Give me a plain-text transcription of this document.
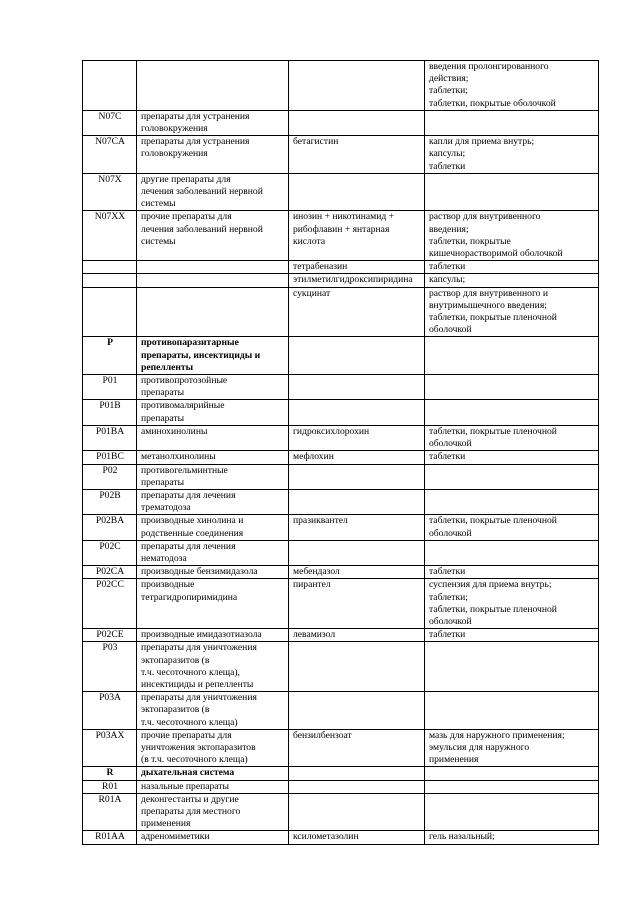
			введения пролонгированного
действия;
таблетки;
таблетки, покрытые оболочкой

N07C	препараты для устранения
головокружения		

N07CA	препараты для устранения
головокружения	бетагистин	капли для приема внутрь;
капсулы;
таблетки

N07X	другие препараты для
лечения заболеваний нервной
системы		

N07XX	прочие препараты для
лечения заболеваний нервной
системы	инозин + никотинамид +
рибофлавин + янтарная
кислота	раствор для внутривенного
введения;
таблетки, покрытые
кишечнорастворимой оболочкой

		тетрабеназин	таблетки

		этилметилгидроксипиридина	капсулы;

		сукцинат	раствор для внутривенного и
внутримышечного введения;
таблетки, покрытые пленочной
оболочкой

P	противопаразитарные
препараты, инсектициды и
репелленты		

P01	противопротозойные
препараты		

P01B	противомалярийные
препараты		

P01BA	аминохинолины	гидроксихлорохин	таблетки, покрытые пленочной
оболочкой

P01BC	метанолхинолины	мефлохин	таблетки

P02	противогельминтные
препараты		

P02B	препараты для лечения
трематодоза		

P02BA	производные хинолина и
родственные соединения	празиквантел	таблетки, покрытые пленочной
оболочкой

P02C	препараты для лечения
нематодоза		

P02CA	производные бензимидазола	мебендазол	таблетки

P02CC	производные
тетрагидропиримидина	пирантел	суспензия для приема внутрь;
таблетки;
таблетки, покрытые пленочной
оболочкой

P02CE	производные имидазотиазола	левамизол	таблетки

P03	препараты для уничтожения
эктопаразитов (в
т.ч. чесоточного клеща),
инсектициды и репелленты		

P03A	препараты для уничтожения
эктопаразитов (в
т.ч. чесоточного клеща)		

P03AX	прочие препараты для
уничтожения эктопаразитов
(в т.ч. чесоточного клеща)	бензилбензоат	мазь для наружного применения;
эмульсия для наружного
применения

R	дыхательная система		

R01	назальные препараты		

R01A	деконгестанты и другие
препараты для местного
применения		

R01AA	адреномиметики	ксилометазолин	гель назальный;
